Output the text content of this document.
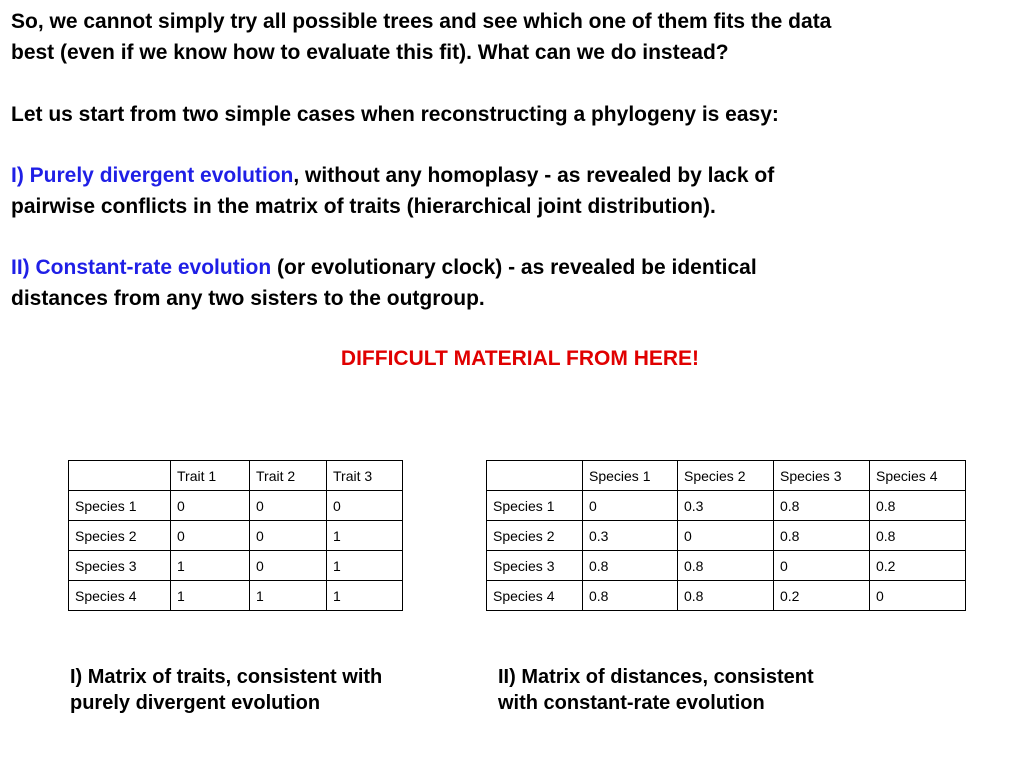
So, we cannot simply try all possible trees and see which one of them fits the data
best (even if we know how to evaluate this fit). What can we do instead?

Let us start from two simple cases when reconstructing a phylogeny is easy:

I) Purely divergent evolution, without any homoplasy - as revealed by lack of
pairwise conflicts in the matrix of traits (hierarchical joint distribution).

II) Constant-rate evolution (or evolutionary clock) - as revealed be identical
distances from any two sisters to the outgroup.

DIFFICULT MATERIAL FROM HERE!

	Trait 1	Trait 2	Trait 3
Species 1	0	0	0
Species 2	0	0	1
Species 3	1	0	1
Species 4	1	1	1
	Species 1	Species 2	Species 3	Species 4
Species 1	0	0.3	0.8	0.8
Species 2	0.3	0	0.8	0.8
Species 3	0.8	0.8	0	0.2
Species 4	0.8	0.8	0.2	0

I) Matrix of traits, consistent with
purely divergent evolution

II) Matrix of distances, consistent
with constant-rate evolution
